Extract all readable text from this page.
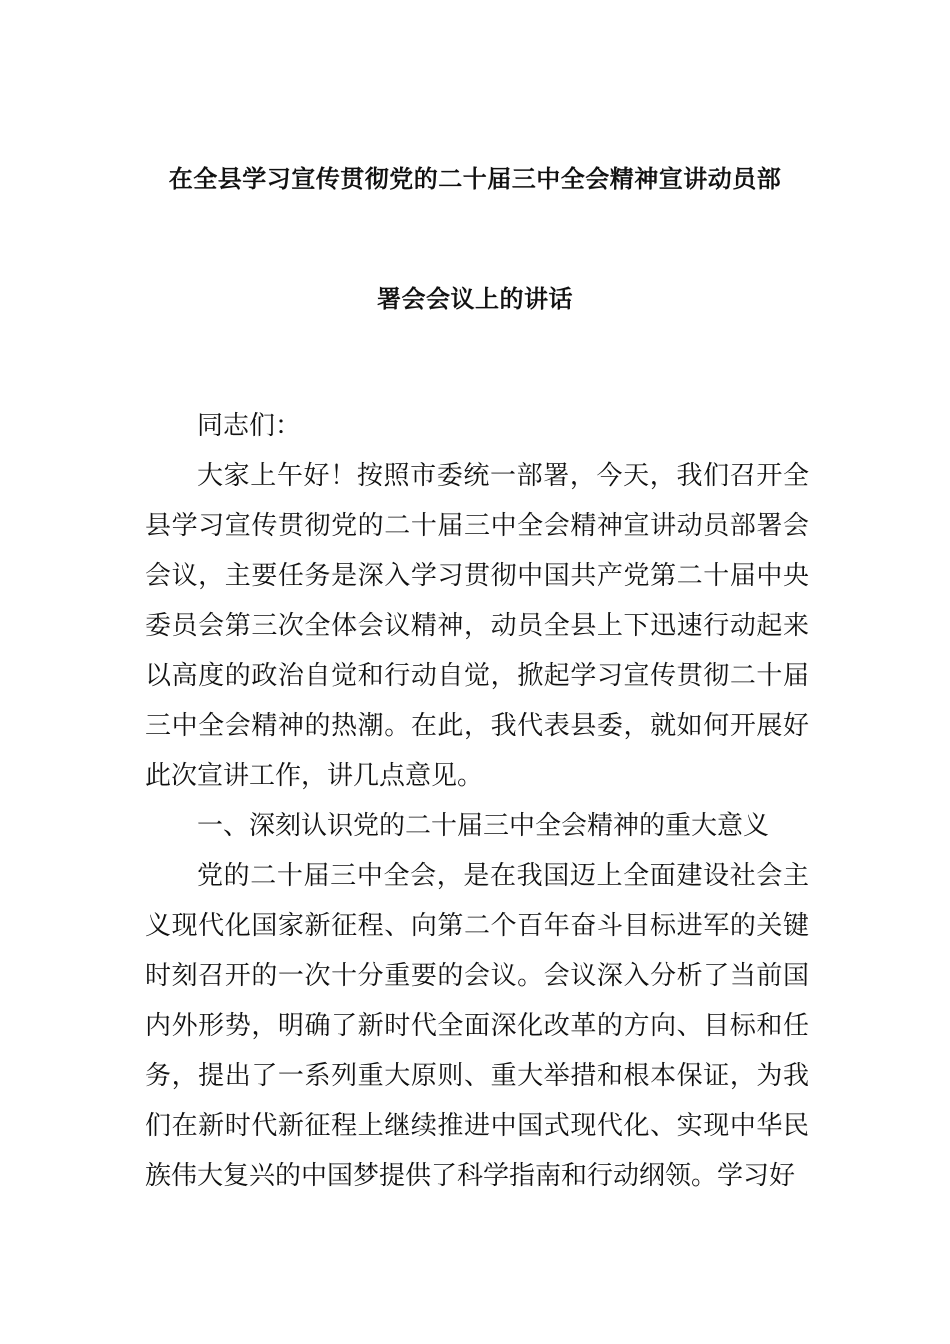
在全县学习宣传贯彻党的二十届三中全会精神宣讲动员部
署会会议上的讲话

同志们：

大家上午好！按照市委统一部署，今天，我们召开全县学习宣传贯彻党的二十届三中全会精神宣讲动员部署会会议，主要任务是深入学习贯彻中国共产党第二十届中央委员会第三次全体会议精神，动员全县上下迅速行动起来以高度的政治自觉和行动自觉，掀起学习宣传贯彻二十届三中全会精神的热潮。在此，我代表县委，就如何开展好此次宣讲工作，讲几点意见。

一、深刻认识党的二十届三中全会精神的重大意义

党的二十届三中全会，是在我国迈上全面建设社会主义现代化国家新征程、向第二个百年奋斗目标进军的关键时刻召开的一次十分重要的会议。会议深入分析了当前国内外形势，明确了新时代全面深化改革的方向、目标和任务，提出了一系列重大原则、重大举措和根本保证，为我们在新时代新征程上继续推进中国式现代化、实现中华民族伟大复兴的中国梦提供了科学指南和行动纲领。学习好
